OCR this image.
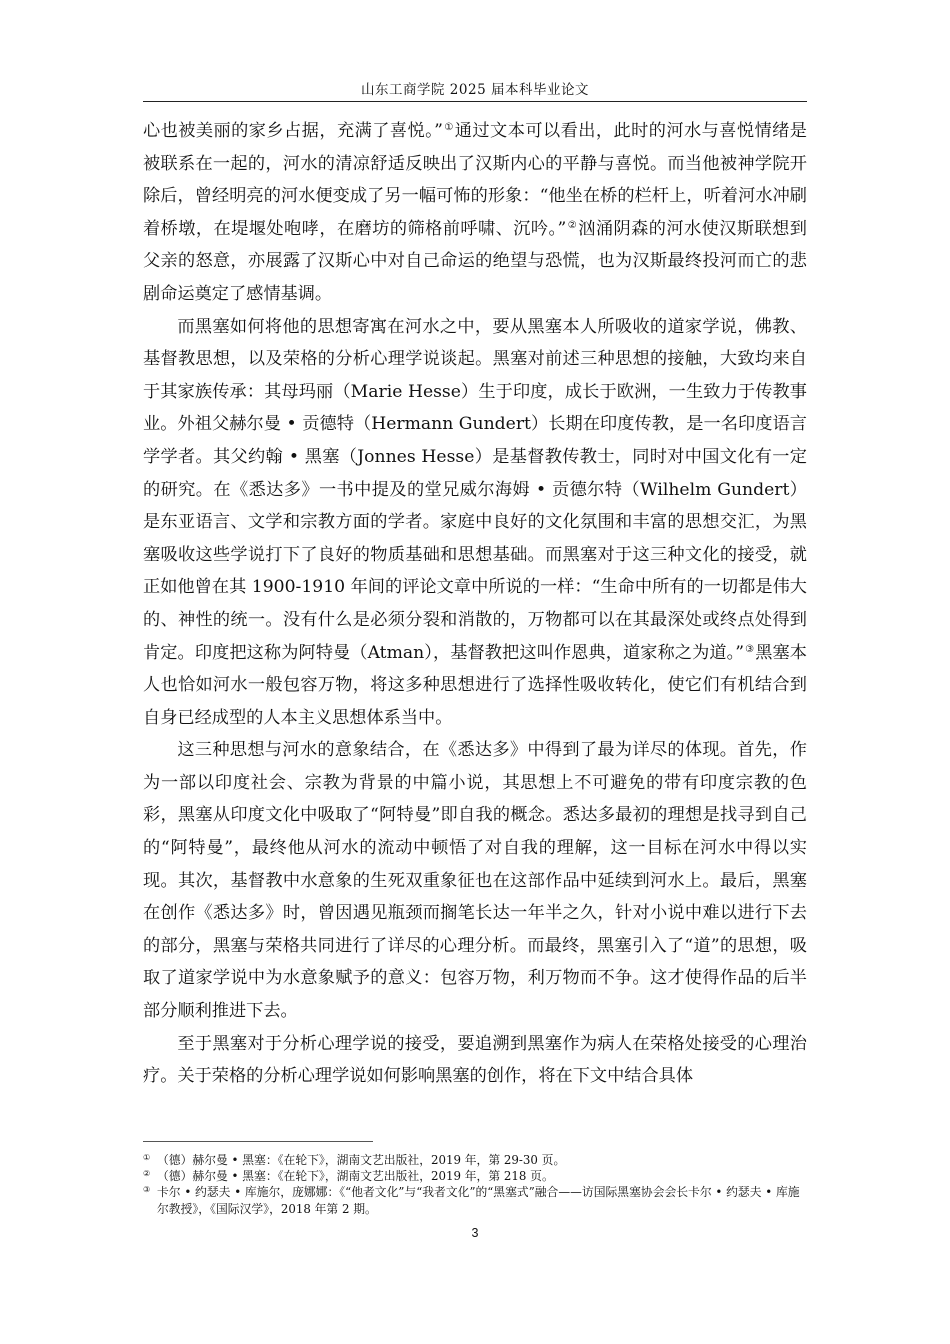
山东工商学院 2025 届本科毕业论文

心也被美丽的家乡占据，充满了喜悦。”①通过文本可以看出，此时的河水与喜悦情绪是被联系在一起的，河水的清凉舒适反映出了汉斯内心的平静与喜悦。而当他被神学院开除后，曾经明亮的河水便变成了另一幅可怖的形象：“他坐在桥的栏杆上，听着河水冲刷着桥墩，在堤堰处咆哮，在磨坊的筛格前呼啸、沉吟。”②汹涌阴森的河水使汉斯联想到父亲的怒意，亦展露了汉斯心中对自己命运的绝望与恐慌，也为汉斯最终投河而亡的悲剧命运奠定了感情基调。

而黑塞如何将他的思想寄寓在河水之中，要从黑塞本人所吸收的道家学说，佛教、基督教思想，以及荣格的分析心理学说谈起。黑塞对前述三种思想的接触，大致均来自于其家族传承：其母玛丽（Marie Hesse）生于印度，成长于欧洲，一生致力于传教事业。外祖父赫尔曼 • 贡德特（Hermann Gundert）长期在印度传教，是一名印度语言学学者。其父约翰 • 黑塞（Jonnes Hesse）是基督教传教士，同时对中国文化有一定的研究。在《悉达多》一书中提及的堂兄威尔海姆 • 贡德尔特（Wilhelm Gundert）是东亚语言、文学和宗教方面的学者。家庭中良好的文化氛围和丰富的思想交汇，为黑塞吸收这些学说打下了良好的物质基础和思想基础。而黑塞对于这三种文化的接受，就正如他曾在其 1900-1910 年间的评论文章中所说的一样：“生命中所有的一切都是伟大的、神性的统一。没有什么是必须分裂和消散的，万物都可以在其最深处或终点处得到肯定。印度把这称为阿特曼（Atman），基督教把这叫作恩典，道家称之为道。”③黑塞本人也恰如河水一般包容万物，将这多种思想进行了选择性吸收转化，使它们有机结合到自身已经成型的人本主义思想体系当中。

这三种思想与河水的意象结合，在《悉达多》中得到了最为详尽的体现。首先，作为一部以印度社会、宗教为背景的中篇小说，其思想上不可避免的带有印度宗教的色彩，黑塞从印度文化中吸取了“阿特曼”即自我的概念。悉达多最初的理想是找寻到自己的“阿特曼”，最终他从河水的流动中顿悟了对自我的理解，这一目标在河水中得以实现。其次，基督教中水意象的生死双重象征也在这部作品中延续到河水上。最后，黑塞在创作《悉达多》时，曾因遇见瓶颈而搁笔长达一年半之久，针对小说中难以进行下去的部分，黑塞与荣格共同进行了详尽的心理分析。而最终，黑塞引入了“道”的思想，吸取了道家学说中为水意象赋予的意义：包容万物，利万物而不争。这才使得作品的后半部分顺利推进下去。

至于黑塞对于分析心理学说的接受，要追溯到黑塞作为病人在荣格处接受的心理治疗。关于荣格的分析心理学说如何影响黑塞的创作，将在下文中结合具体

① （德）赫尔曼 • 黑塞：《在轮下》，湖南文艺出版社，2019 年，第 29-30 页。
② （德）赫尔曼 • 黑塞：《在轮下》，湖南文艺出版社，2019 年，第 218 页。
③ 卡尔 • 约瑟夫 • 库施尔，庞娜娜：《“他者文化”与“我者文化”的“黑塞式”融合——访国际黑塞协会会长卡尔 • 约瑟夫 • 库施尔教授》，《国际汉学》，2018 年第 2 期。
3
